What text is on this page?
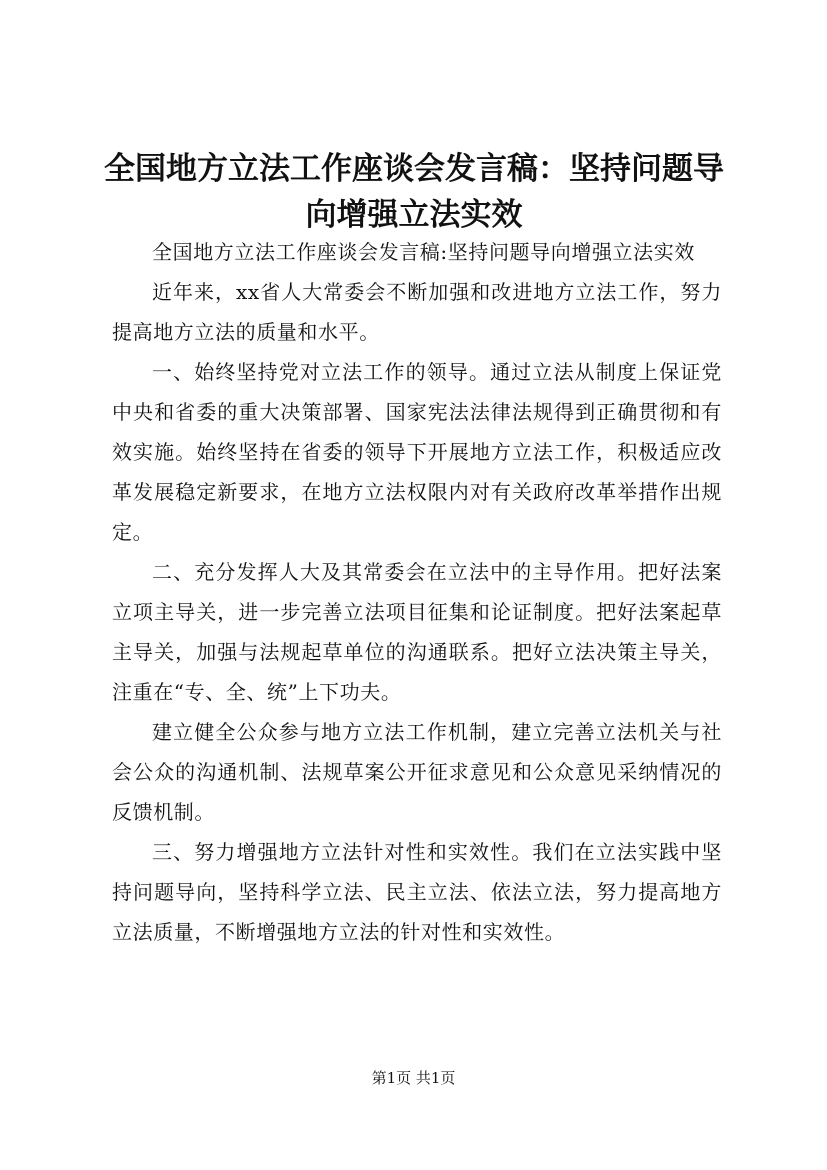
全国地方立法工作座谈会发言稿：坚持问题导向增强立法实效

全国地方立法工作座谈会发言稿:坚持问题导向增强立法实效

近年来，xx省人大常委会不断加强和改进地方立法工作，努力提高地方立法的质量和水平。

一、始终坚持党对立法工作的领导。通过立法从制度上保证党中央和省委的重大决策部署、国家宪法法律法规得到正确贯彻和有效实施。始终坚持在省委的领导下开展地方立法工作，积极适应改革发展稳定新要求，在地方立法权限内对有关政府改革举措作出规定。

二、充分发挥人大及其常委会在立法中的主导作用。把好法案立项主导关，进一步完善立法项目征集和论证制度。把好法案起草主导关，加强与法规起草单位的沟通联系。把好立法决策主导关，注重在“专、全、统”上下功夫。

建立健全公众参与地方立法工作机制，建立完善立法机关与社会公众的沟通机制、法规草案公开征求意见和公众意见采纳情况的反馈机制。

三、努力增强地方立法针对性和实效性。我们在立法实践中坚持问题导向，坚持科学立法、民主立法、依法立法，努力提高地方立法质量，不断增强地方立法的针对性和实效性。

第1页 共1页
